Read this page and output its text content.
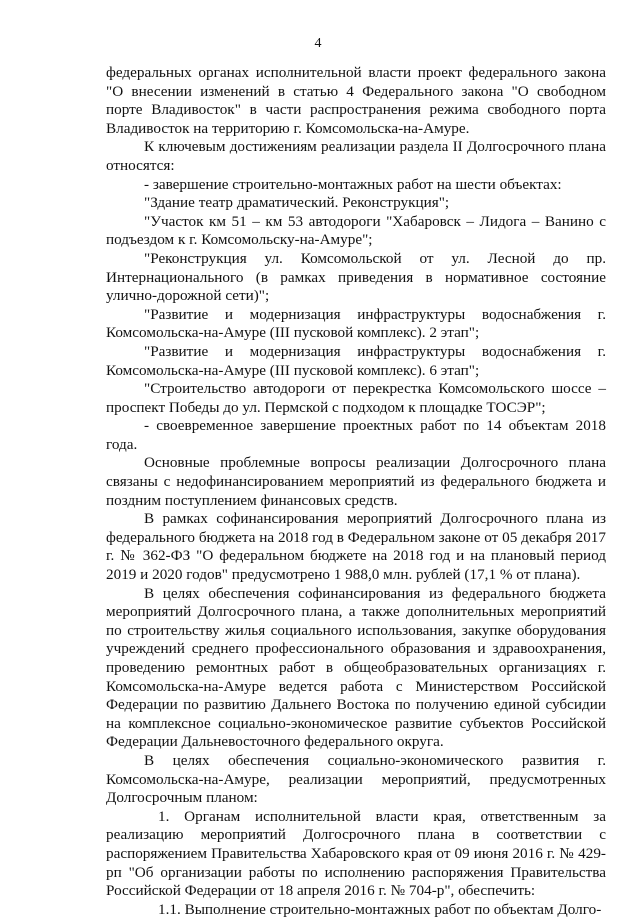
4

федеральных органах исполнительной власти проект федерального закона "О внесении изменений в статью 4 Федерального закона "О свободном порте Владивосток" в части распространения режима свободного порта Владивосток на территорию г. Комсомольска-на-Амуре.

К ключевым достижениям реализации раздела II Долгосрочного плана относятся:

- завершение строительно-монтажных работ на шести объектах:

"Здание театр драматический. Реконструкция";

"Участок км 51 – км 53 автодороги "Хабаровск – Лидога – Ванино с подъездом к г. Комсомольску-на-Амуре";

"Реконструкция ул. Комсомольской от ул. Лесной до пр. Интернационального (в рамках приведения в нормативное состояние улично-дорожной сети)";

"Развитие и модернизация инфраструктуры водоснабжения г. Комсомольска-на-Амуре (III пусковой комплекс). 2 этап";

"Развитие и модернизация инфраструктуры водоснабжения г. Комсомольска-на-Амуре (III пусковой комплекс). 6 этап";

"Строительство автодороги от перекрестка Комсомольского шоссе – проспект Победы до ул. Пермской с подходом к площадке ТОСЭР";

- своевременное завершение проектных работ по 14 объектам 2018 года.

Основные проблемные вопросы реализации Долгосрочного плана связаны с недофинансированием мероприятий из федерального бюджета и поздним поступлением финансовых средств.

В рамках софинансирования мероприятий Долгосрочного плана из федерального бюджета на 2018 год в Федеральном законе от 05 декабря 2017 г. № 362-ФЗ "О федеральном бюджете на 2018 год и на плановый период 2019 и 2020 годов" предусмотрено 1 988,0 млн. рублей (17,1 % от плана).

В целях обеспечения софинансирования из федерального бюджета мероприятий Долгосрочного плана, а также дополнительных мероприятий по строительству жилья социального использования, закупке оборудования учреждений среднего профессионального образования и здравоохранения, проведению ремонтных работ в общеобразовательных организациях г. Комсомольска-на-Амуре ведется работа с Министерством Российской Федерации по развитию Дальнего Востока по получению единой субсидии на комплексное социально-экономическое развитие субъектов Российской Федерации Дальневосточного федерального округа.

В целях обеспечения социально-экономического развития г. Комсомольска-на-Амуре, реализации мероприятий, предусмотренных Долгосрочным планом:

1. Органам исполнительной власти края, ответственным за реализацию мероприятий Долгосрочного плана в соответствии с распоряжением Правительства Хабаровского края от 09 июня 2016 г. № 429-рп "Об организации работы по исполнению распоряжения Правительства Российской Федерации от 18 апреля 2016 г. № 704-р", обеспечить:

1.1. Выполнение строительно-монтажных работ по объектам Долго-
